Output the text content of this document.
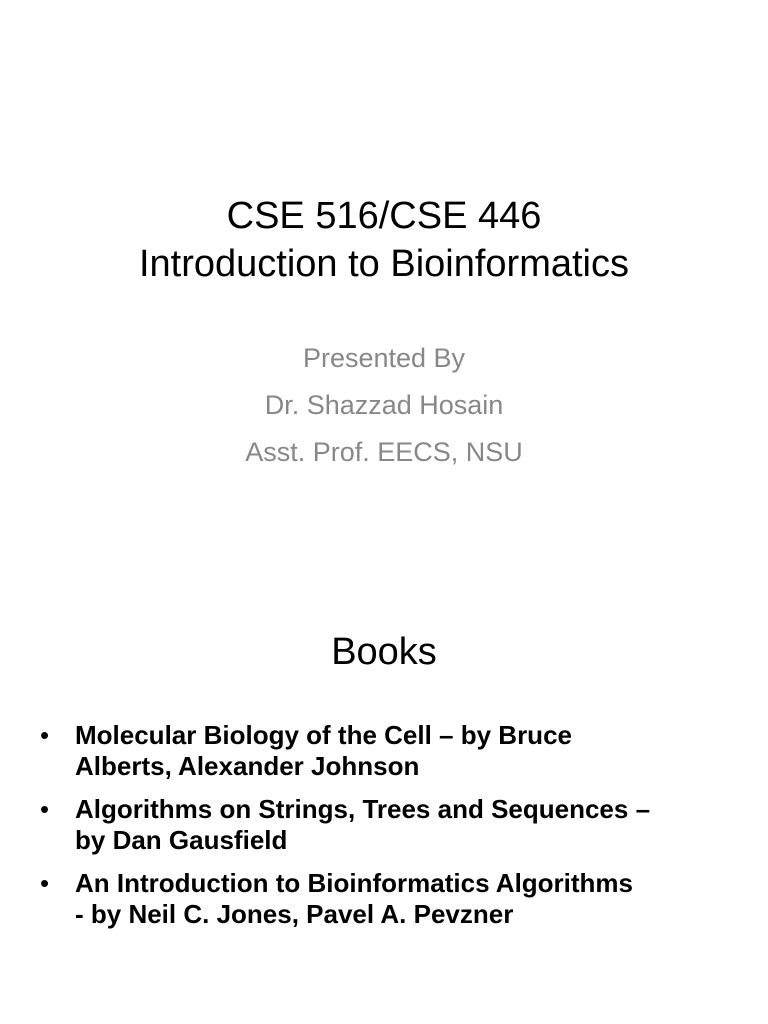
CSE 516/CSE 446
Introduction to Bioinformatics
Presented By
Dr. Shazzad Hosain
Asst. Prof. EECS, NSU
Books
• Molecular Biology of the Cell – by Bruce
Alberts, Alexander Johnson
• Algorithms on Strings, Trees and Sequences –
by Dan Gausfield
• An Introduction to Bioinformatics Algorithms
- by Neil C. Jones, Pavel A. Pevzner
